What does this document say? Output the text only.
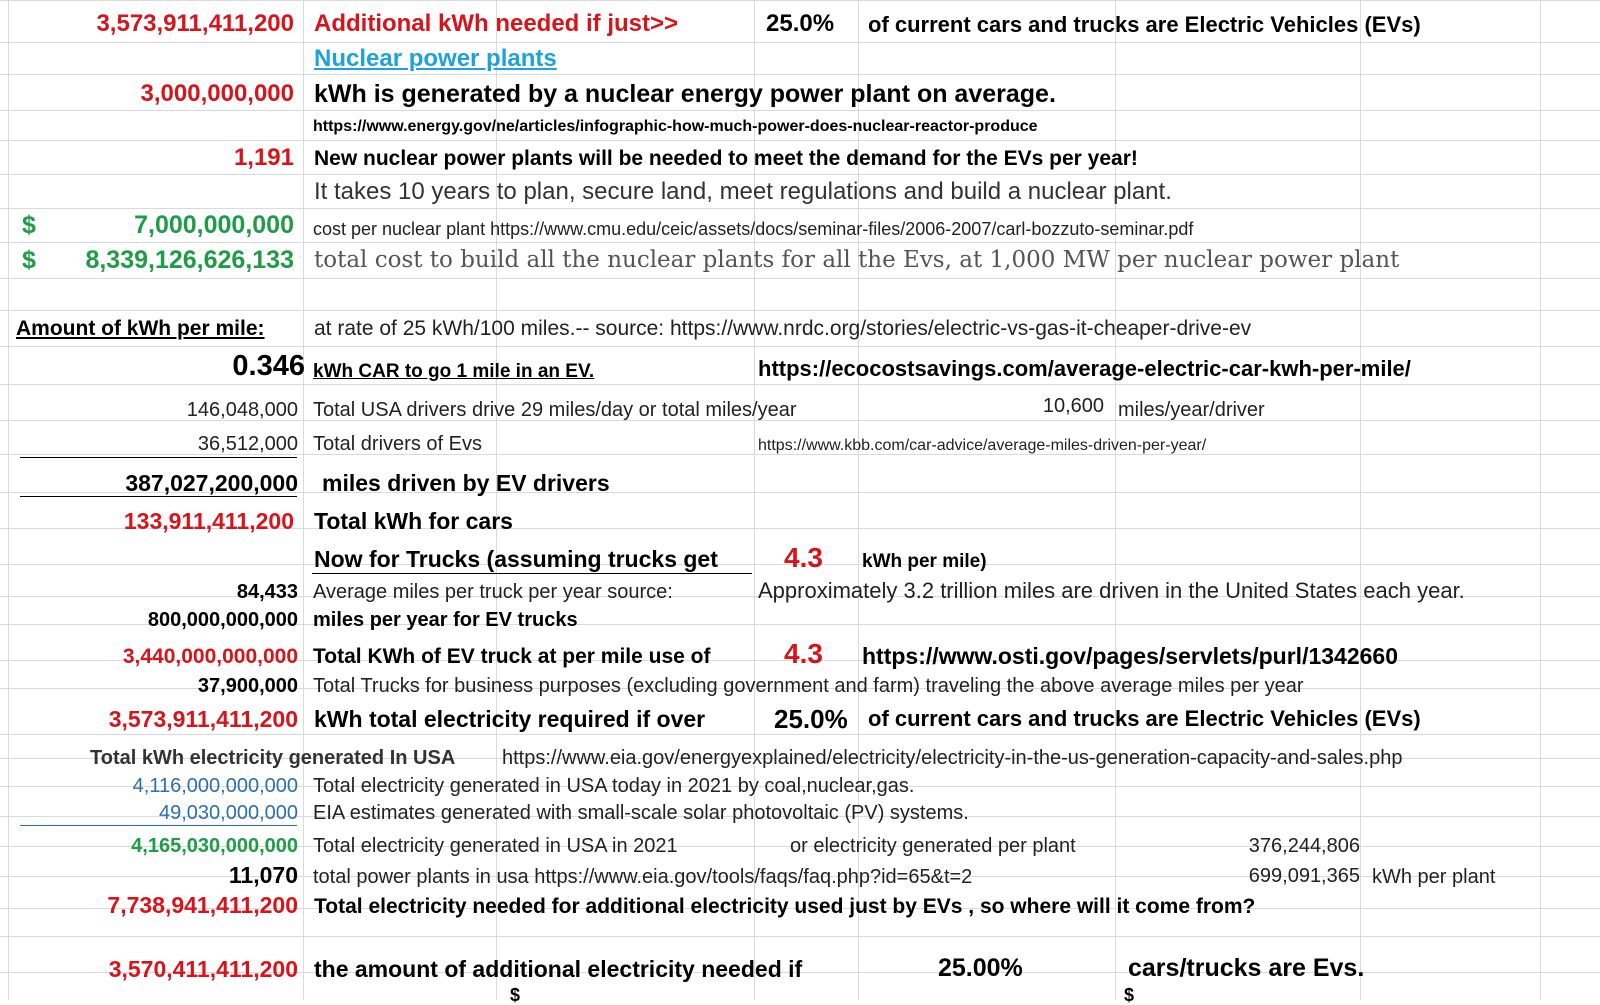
3,573,911,411,200 Additional kWh needed if just>>	25.0% of current cars and trucks are Electric Vehicles (EVs)
Nuclear power plants
3,000,000,000 kWh is generated by a nuclear energy power plant on average.
https://www.energy.gov/ne/articles/infographic-how-much-power-does-nuclear-reactor-produce
1,191 New nuclear power plants will be needed to meet the demand for the EVs per year!
It takes 10 years to plan, secure land, meet regulations and build a nuclear plant.
$	7,000,000,000 cost per nuclear plant https://www.cmu.edu/ceic/assets/docs/seminar-files/2006-2007/carl-bozzuto-seminar.pdf
$ 8,339,126,626,133 total cost to build all the nuclear plants for all the Evs, at 1,000 MW per nuclear power plant
Amount of kWh per mile: at rate of 25 kWh/100 miles.-- source: https://www.nrdc.org/stories/electric-vs-gas-it-cheaper-drive-ev
0.346 kWh CAR to go 1 mile in an EV.	https://ecocostsavings.com/average-electric-car-kwh-per-mile/
146,048,000 Total USA drivers drive 29 miles/day or total miles/year	10,600 miles/year/driver
36,512,000 Total drivers of Evs	https://www.kbb.com/car-advice/average-miles-driven-per-year/
387,027,200,000 miles driven by EV drivers
133,911,411,200 Total kWh for cars
Now for Trucks (assuming trucks get 4.3 kWh per mile)
84,433 Average miles per truck per year source:	Approximately 3.2 trillion miles are driven in the United States each year.
800,000,000,000 miles per year for EV trucks
3,440,000,000,000 Total KWh of EV truck at per mile use of	4.3 https://www.osti.gov/pages/servlets/purl/1342660
37,900,000 Total Trucks for business purposes (excluding government and farm) traveling the above average miles per year
3,573,911,411,200 kWh total electricity required if over	25.0% of current cars and trucks are Electric Vehicles (EVs)
Total kWh electricity generated In USA https://www.eia.gov/energyexplained/electricity/electricity-in-the-us-generation-capacity-and-sales.php
4,116,000,000,000 Total electricity generated in USA today in 2021 by coal,nuclear,gas.
49,030,000,000 EIA estimates generated with small-scale solar photovoltaic (PV) systems.
4,165,030,000,000 Total electricity generated in USA in 2021	or electricity generated per plant	376,244,806
11,070 total power plants in usa https://www.eia.gov/tools/faqs/faq.php?id=65&t=2	699,091,365 kWh per plant
7,738,941,411,200 Total electricity needed for additional electricity used just by EVs , so where will it come from?
3,570,411,411,200 the amount of additional electricity needed if	25.00%	cars/trucks are Evs.
$	$
